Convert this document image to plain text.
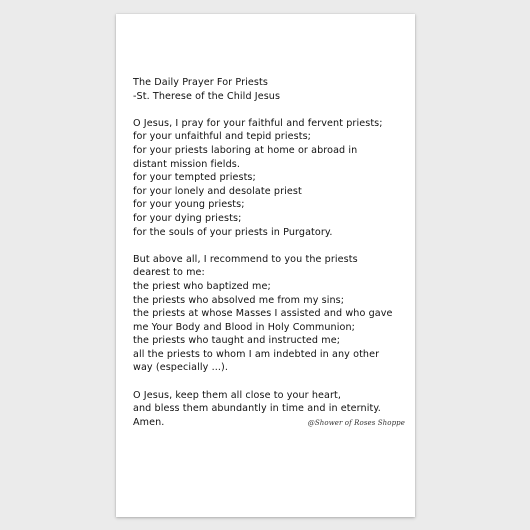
The Daily Prayer For Priests
-St. Therese of the Child Jesus
O Jesus, I pray for your faithful and fervent priests;
for your unfaithful and tepid priests;
for your priests laboring at home or abroad in
distant mission fields.
for your tempted priests;
for your lonely and desolate priest
for your young priests;
for your dying priests;
for the souls of your priests in Purgatory.
But above all, I recommend to you the priests
dearest to me:
the priest who baptized me;
the priests who absolved me from my sins;
the priests at whose Masses I assisted and who gave
me Your Body and Blood in Holy Communion;
the priests who taught and instructed me;
all the priests to whom I am indebted in any other
way (especially ...).
O Jesus, keep them all close to your heart,
and bless them abundantly in time and in eternity.
Amen.	@Shower of Roses Shoppe
